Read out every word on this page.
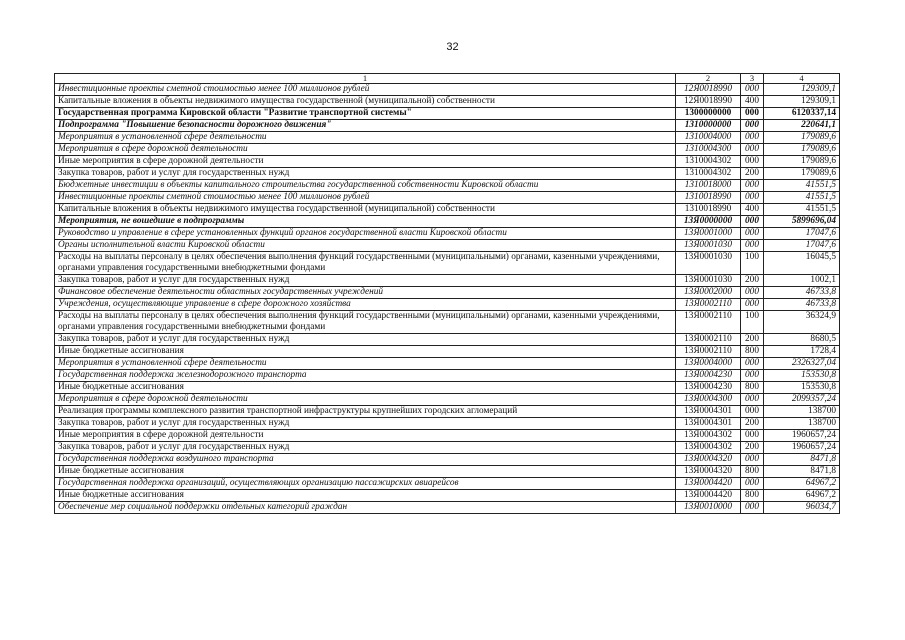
32
1	2	3	4
Инвестиционные проекты сметной стоимостью менее 100 миллионов рублей	12Я0018990	000	129309,1
Капитальные вложения в объекты недвижимого имущества государственной (муниципальной) собственности	12Я0018990	400	129309,1
Государственная программа Кировской области "Развитие транспортной системы"	1300000000	000	6120337,14
Подпрограмма "Повышение безопасности дорожного движения"	1310000000	000	220641,1
Мероприятия в установленной сфере деятельности	1310004000	000	179089,6
Мероприятия в сфере дорожной деятельности	1310004300	000	179089,6
Иные мероприятия в сфере дорожной деятельности	1310004302	000	179089,6
Закупка товаров, работ и услуг для государственных нужд	1310004302	200	179089,6
Бюджетные инвестиции в объекты капитального строительства государственной собственности Кировской области	1310018000	000	41551,5
Инвестиционные проекты сметной стоимостью менее 100 миллионов рублей	1310018990	000	41551,5
Капитальные вложения в объекты недвижимого имущества государственной (муниципальной) собственности	1310018990	400	41551,5
Мероприятия, не вошедшие в подпрограммы	13Я0000000	000	5899696,04
Руководство и управление в сфере установленных функций органов государственной власти Кировской области	13Я0001000	000	17047,6
Органы исполнительной власти Кировской области	13Я0001030	000	17047,6
Расходы на выплаты персоналу в целях обеспечения выполнения функций государственными (муниципальными) органами, казенными учреждениями, органами управления государственными внебюджетными фондами	13Я0001030	100	16045,5
Закупка товаров, работ и услуг для государственных нужд	13Я0001030	200	1002,1
Финансовое обеспечение деятельности областных государственных учреждений	13Я0002000	000	46733,8
Учреждения, осуществляющие управление в сфере дорожного хозяйства	13Я0002110	000	46733,8
Расходы на выплаты персоналу в целях обеспечения выполнения функций государственными (муниципальными) органами, казенными учреждениями, органами управления государственными внебюджетными фондами	13Я0002110	100	36324,9
Закупка товаров, работ и услуг для государственных нужд	13Я0002110	200	8680,5
Иные бюджетные ассигнования	13Я0002110	800	1728,4
Мероприятия в установленной сфере деятельности	13Я0004000	000	2326327,04
Государственная поддержка железнодорожного транспорта	13Я0004230	000	153530,8
Иные бюджетные ассигнования	13Я0004230	800	153530,8
Мероприятия в сфере дорожной деятельности	13Я0004300	000	2099357,24
Реализация программы комплексного развития транспортной инфраструктуры крупнейших городских агломераций	13Я0004301	000	138700
Закупка товаров, работ и услуг для государственных нужд	13Я0004301	200	138700
Иные мероприятия в сфере дорожной деятельности	13Я0004302	000	1960657,24
Закупка товаров, работ и услуг для государственных нужд	13Я0004302	200	1960657,24
Государственная поддержка воздушного транспорта	13Я0004320	000	8471,8
Иные бюджетные ассигнования	13Я0004320	800	8471,8
Государственная поддержка организаций, осуществляющих организацию пассажирских авиарейсов	13Я0004420	000	64967,2
Иные бюджетные ассигнования	13Я0004420	800	64967,2
Обеспечение мер социальной поддержки отдельных категорий граждан	13Я0010000	000	96034,7
